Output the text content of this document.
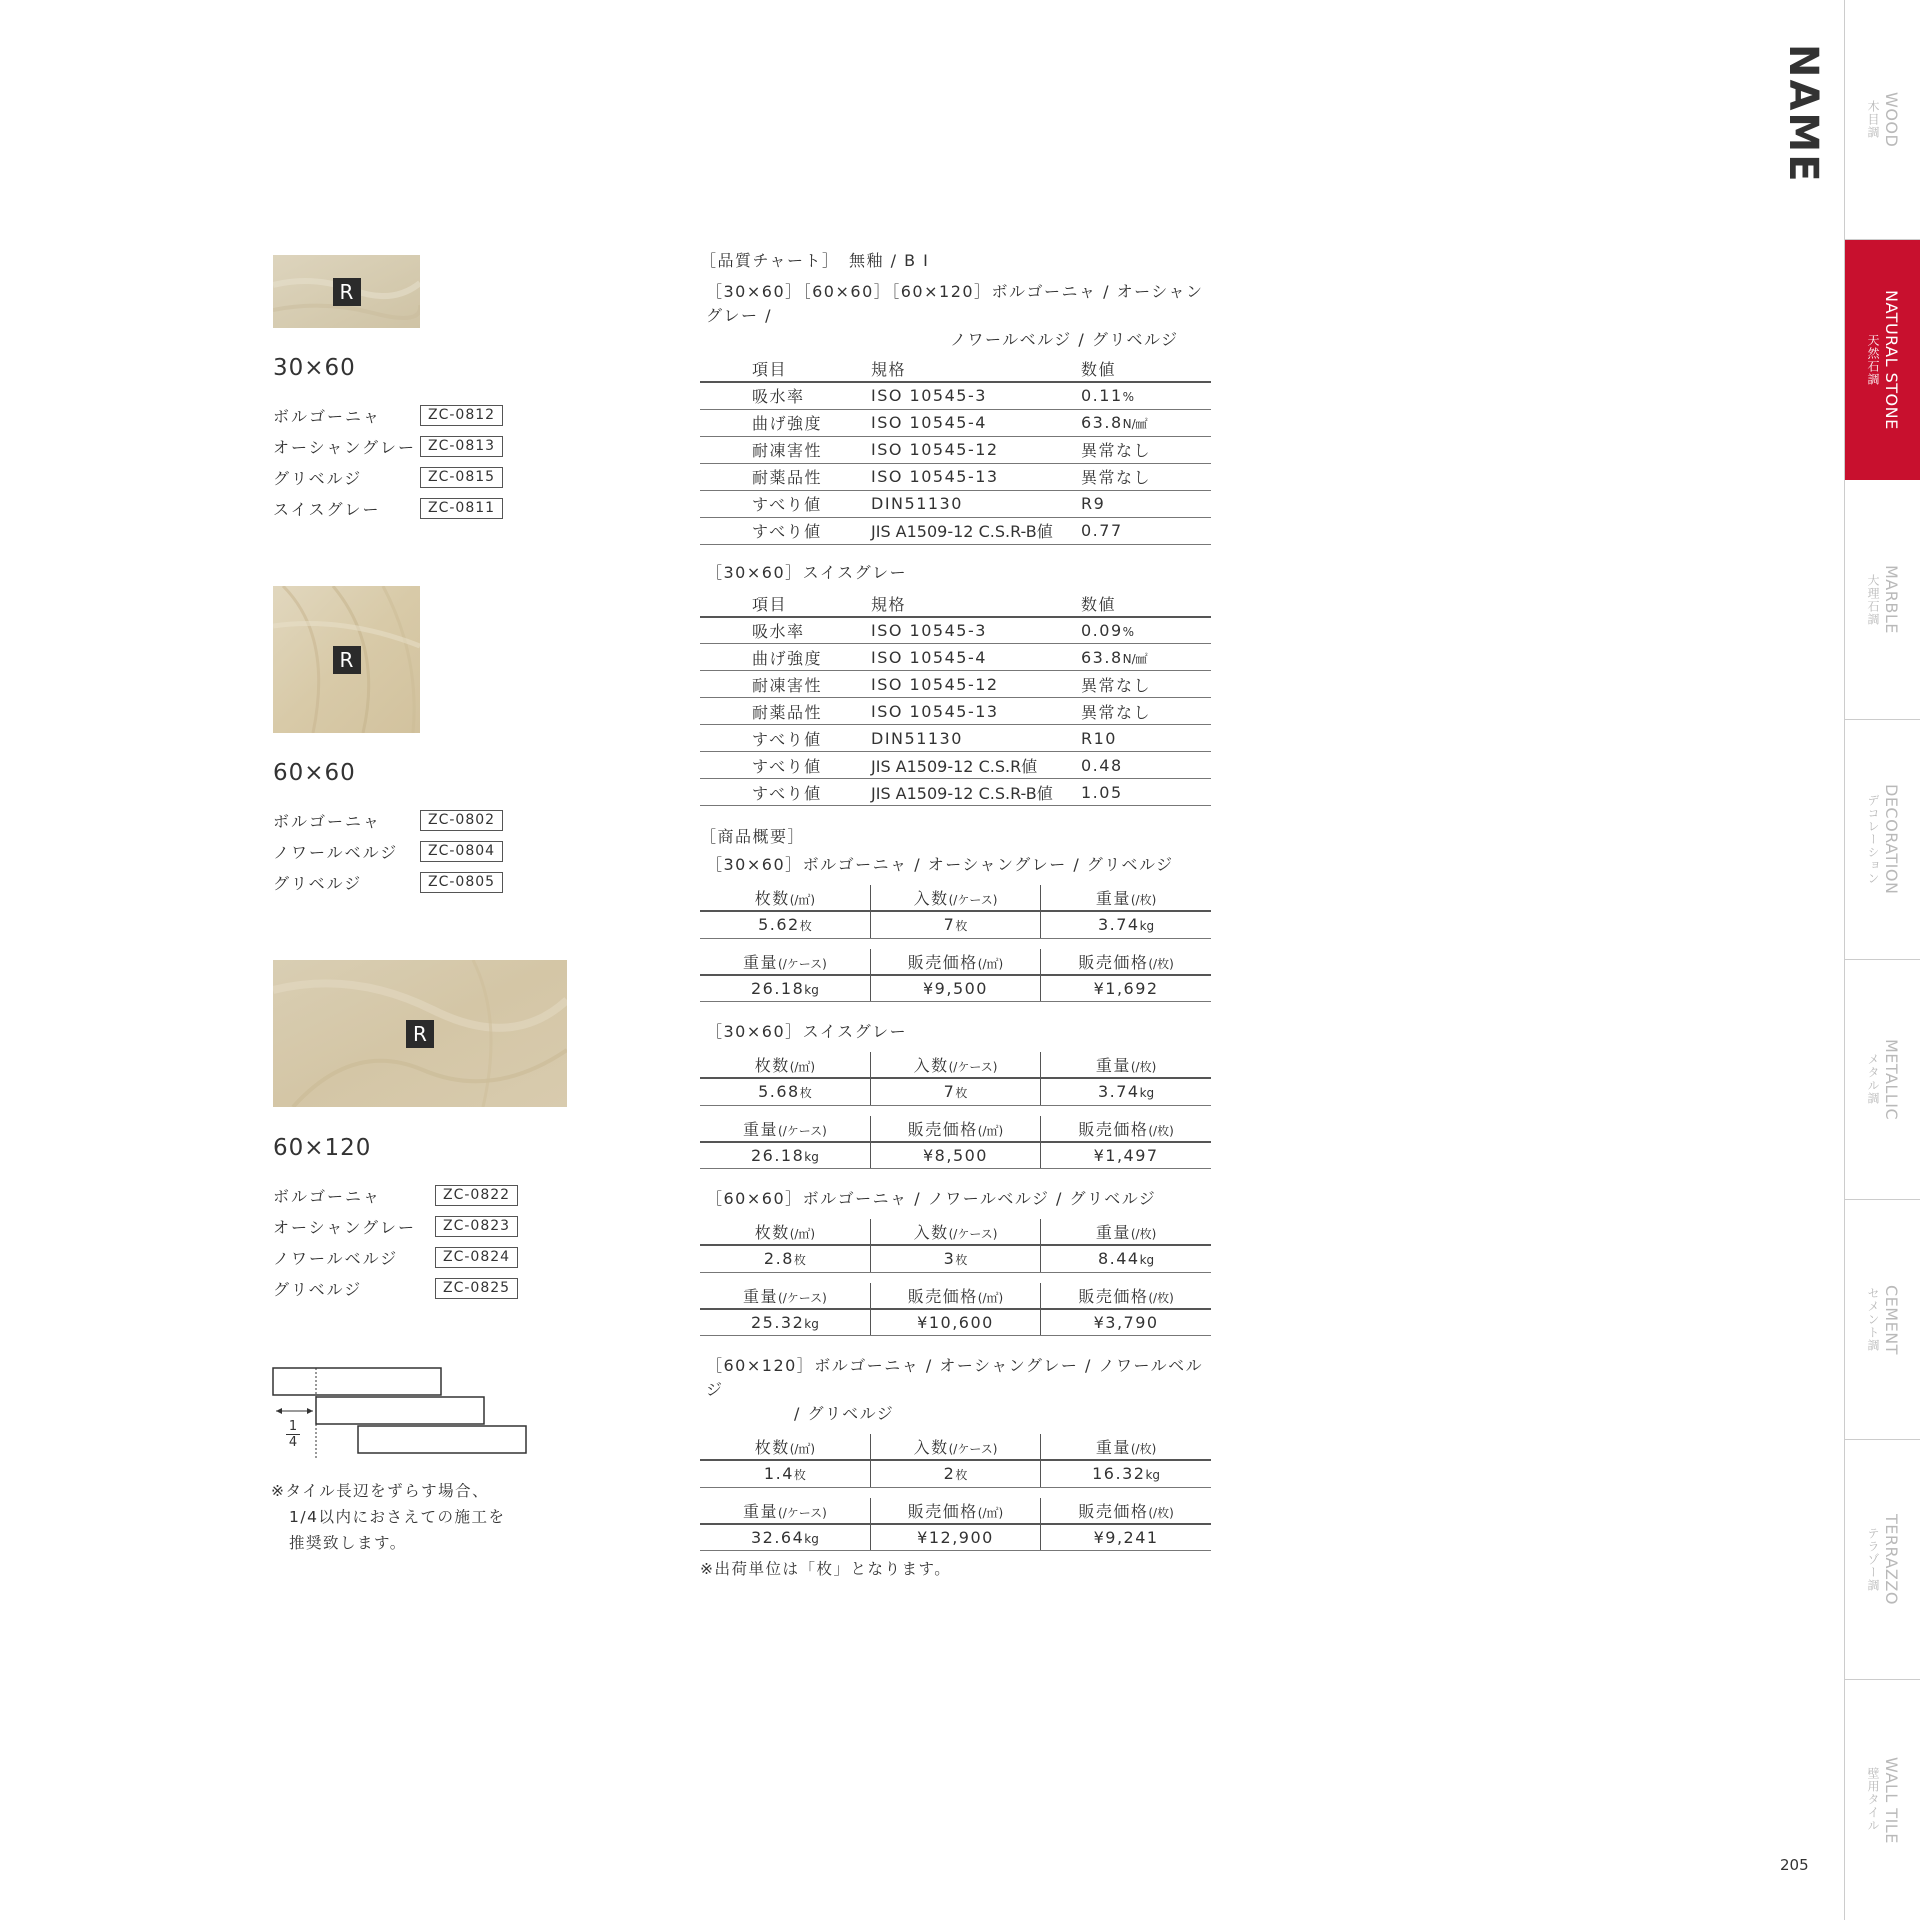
R
30×60
ボルゴーニャ	ZC-0812
オーシャングレー ZC-0813
グリベルジ	ZC-0815
スイスグレー	ZC-0811
R
60×60
ボルゴーニャ	ZC-0802
ノワールベルジ	ZC-0804
グリベルジ	ZC-0805
R
60×120
ボルゴーニャ	ZC-0822
オーシャングレー	ZC-0823
ノワールベルジ	ZC-0824
グリベルジ	ZC-0825
1
4
※タイル長辺をずらす場合、
1/4以内におさえての施工を
推奨致します。
［品質チャート］　無釉 / B I
［30×60］［60×60］［60×120］ボルゴーニャ / オーシャングレー /
ノワールベルジ / グリベルジ
項目	規格	数値
吸水率	ISO 10545-3	0.11%
曲げ強度	ISO 10545-4	63.8N/㎟
耐凍害性	ISO 10545-12	異常なし
耐薬品性	ISO 10545-13	異常なし
すべり値	DIN51130	R9
すべり値	JIS A1509-12 C.S.R-B値	0.77
［30×60］スイスグレー
項目	規格	数値
吸水率	ISO 10545-3	0.09%
曲げ強度	ISO 10545-4	63.8N/㎟
耐凍害性	ISO 10545-12	異常なし
耐薬品性	ISO 10545-13	異常なし
すべり値	DIN51130	R10
すべり値	JIS A1509-12 C.S.R値	0.48
すべり値	JIS A1509-12 C.S.R-B値	1.05
［商品概要］
［30×60］ボルゴーニャ / オーシャングレー / グリベルジ
枚数(/㎡)	入数(/ケース)	重量(/枚)
5.62枚	7枚	3.74kg
重量(/ケース)	販売価格(/㎡)	販売価格(/枚)
26.18kg	¥9,500	¥1,692
［30×60］スイスグレー
枚数(/㎡)	入数(/ケース)	重量(/枚)
5.68枚	7枚	3.74kg
重量(/ケース)	販売価格(/㎡)	販売価格(/枚)
26.18kg	¥8,500	¥1,497
［60×60］ボルゴーニャ / ノワールベルジ / グリベルジ
枚数(/㎡)	入数(/ケース)	重量(/枚)
2.8枚	3枚	8.44kg
重量(/ケース)	販売価格(/㎡)	販売価格(/枚)
25.32kg	¥10,600	¥3,790
［60×120］ボルゴーニャ / オーシャングレー / ノワールベルジ
/ グリベルジ
枚数(/㎡)	入数(/ケース)	重量(/枚)
1.4枚	2枚	16.32kg
重量(/ケース)	販売価格(/㎡)	販売価格(/枚)
32.64kg	¥12,900	¥9,241
※出荷単位は「枚」となります。
NAME	WOOD
木目調
NATURAL STONE
天然石調
MARBLE
大理石調
DECORATION
デコレーション
METALLIC
メタル調
CEMENT
セメント調
TERRAZZO
テラゾー調
WALL TILE
壁用タイル
205
